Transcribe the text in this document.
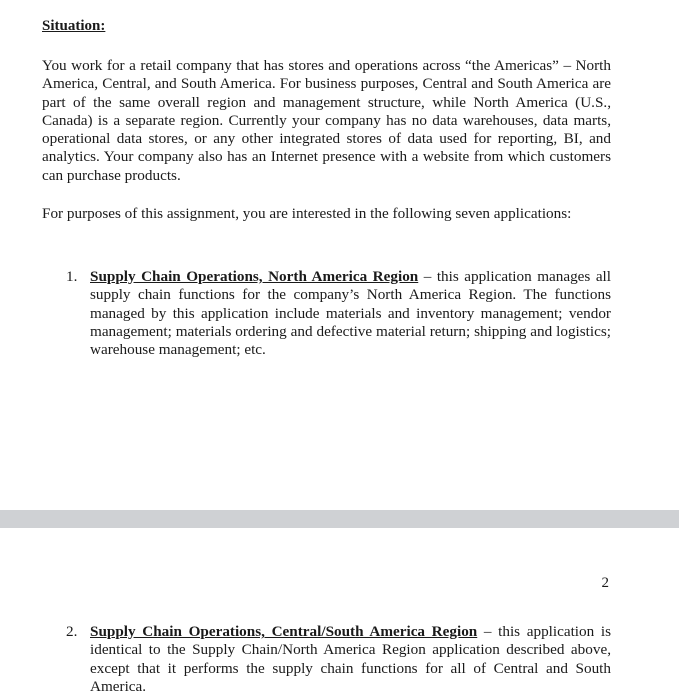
Situation:
You work for a retail company that has stores and operations across “the Americas” – North America, Central, and South America. For business purposes, Central and South America are part of the same overall region and management structure, while North America (U.S., Canada) is a separate region. Currently your company has no data warehouses, data marts, operational data stores, or any other integrated stores of data used for reporting, BI, and analytics. Your company also has an Internet presence with a website from which customers can purchase products.
For purposes of this assignment, you are interested in the following seven applications:
1. Supply Chain Operations, North America Region – this application manages all supply chain functions for the company’s North America Region. The functions managed by this application include materials and inventory management; vendor management; materials ordering and defective material return; shipping and logistics; warehouse management; etc.
2
2. Supply Chain Operations, Central/South America Region – this application is identical to the Supply Chain/North America Region application described above, except that it performs the supply chain functions for all of Central and South America.
